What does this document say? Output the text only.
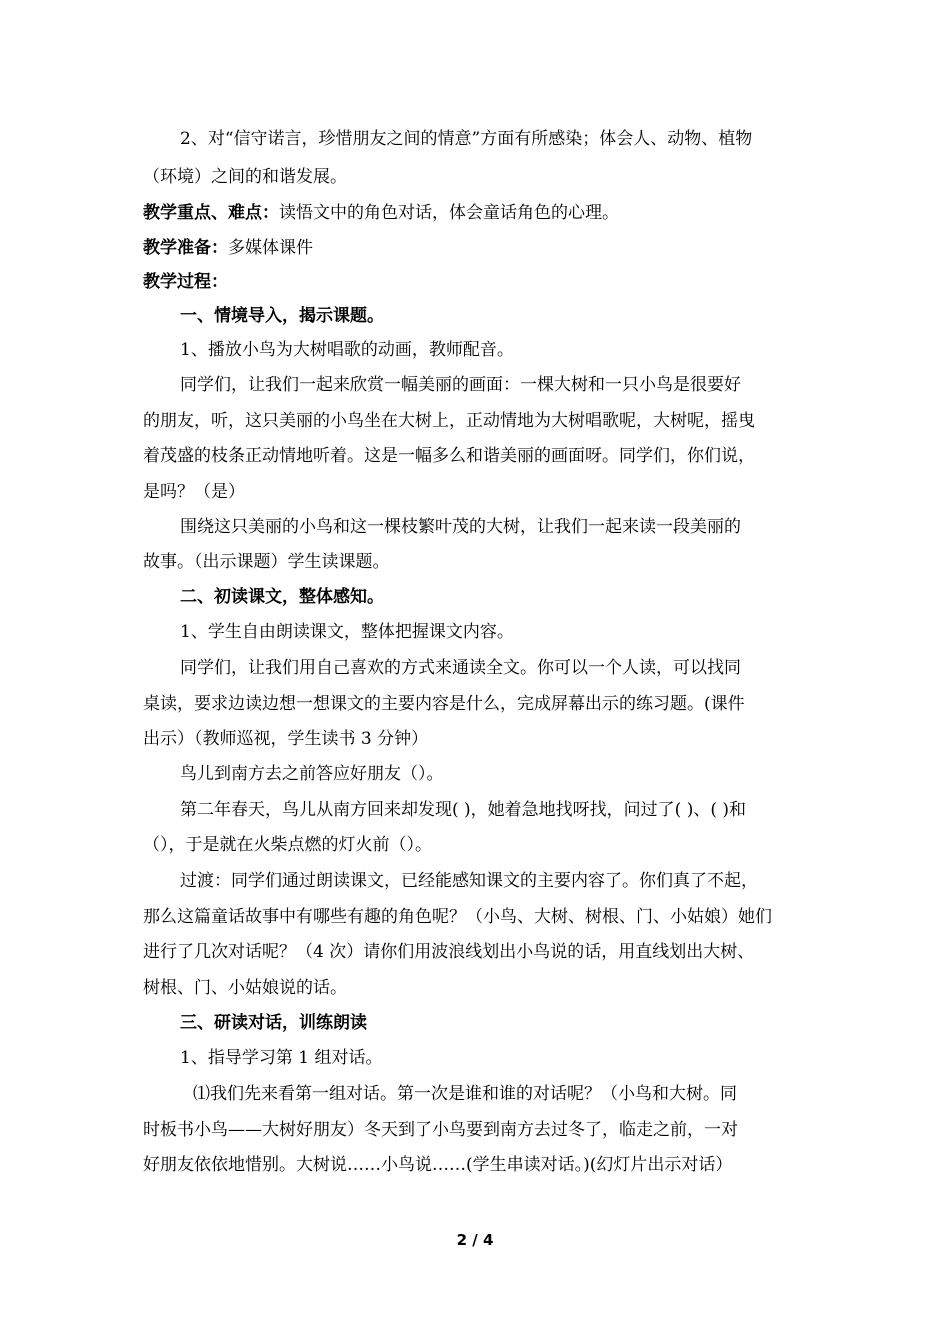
2、对“信守诺言，珍惜朋友之间的情意”方面有所感染；体会人、动物、植物
（环境）之间的和谐发展。
教学重点、难点：读悟文中的角色对话，体会童话角色的心理。
教学准备：多媒体课件
教学过程：
一、情境导入，揭示课题。
1、播放小鸟为大树唱歌的动画，教师配音。
同学们，让我们一起来欣赏一幅美丽的画面：一棵大树和一只小鸟是很要好
的朋友，听，这只美丽的小鸟坐在大树上，正动情地为大树唱歌呢，大树呢，摇曳
着茂盛的枝条正动情地听着。这是一幅多么和谐美丽的画面呀。同学们，你们说，
是吗？（是）
围绕这只美丽的小鸟和这一棵枝繁叶茂的大树，让我们一起来读一段美丽的
故事。（出示课题）学生读课题。
二、初读课文，整体感知。
1、学生自由朗读课文，整体把握课文内容。
同学们，让我们用自己喜欢的方式来通读全文。你可以一个人读，可以找同
桌读，要求边读边想一想课文的主要内容是什么，完成屏幕出示的练习题。(课件
出示）（教师巡视，学生读书 3 分钟）
鸟儿到南方去之前答应好朋友（）。
第二年春天，鸟儿从南方回来却发现( )，她着急地找呀找，问过了( )、( )和
（），于是就在火柴点燃的灯火前（）。
过渡：同学们通过朗读课文，已经能感知课文的主要内容了。你们真了不起，
那么这篇童话故事中有哪些有趣的角色呢？（小鸟、大树、树根、门、小姑娘）她们
进行了几次对话呢？（4 次）请你们用波浪线划出小鸟说的话，用直线划出大树、
树根、门、小姑娘说的话。
三、研读对话，训练朗读
1、指导学习第 1 组对话。
⑴我们先来看第一组对话。第一次是谁和谁的对话呢？（小鸟和大树。同
时板书小鸟——大树好朋友）冬天到了小鸟要到南方去过冬了，临走之前，一对
好朋友依依地惜别。大树说……小鸟说……(学生串读对话。)(幻灯片出示对话）
2 / 4
